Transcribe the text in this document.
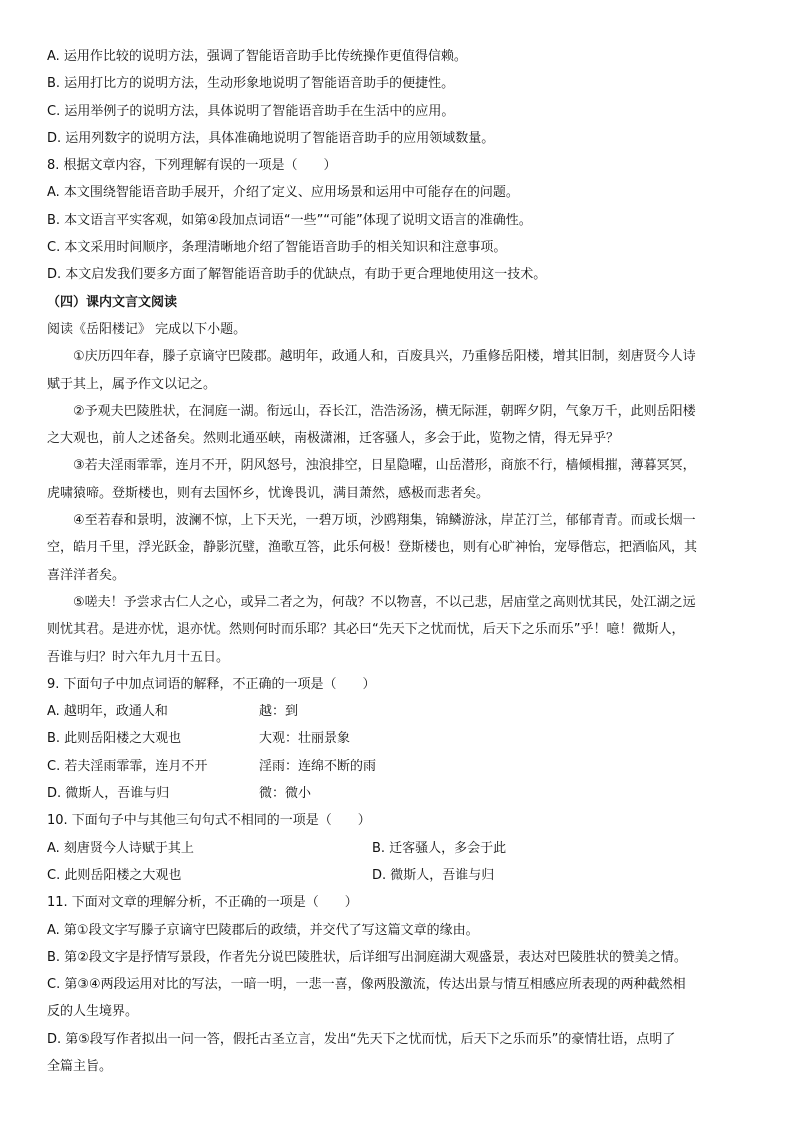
A. 运用作比较的说明方法，强调了智能语音助手比传统操作更值得信赖。
B. 运用打比方的说明方法，生动形象地说明了智能语音助手的便捷性。
C. 运用举例子的说明方法，具体说明了智能语音助手在生活中的应用。
D. 运用列数字的说明方法，具体准确地说明了智能语音助手的应用领域数量。
8. 根据文章内容，下列理解有误的一项是（　　）
A. 本文围绕智能语音助手展开，介绍了定义、应用场景和运用中可能存在的问题。
B. 本文语言平实客观，如第④段加点词语“一些”“可能”体现了说明文语言的准确性。
C. 本文采用时间顺序，条理清晰地介绍了智能语音助手的相关知识和注意事项。
D. 本文启发我们要多方面了解智能语音助手的优缺点，有助于更合理地使用这一技术。
（四）课内文言文阅读
阅读《岳阳楼记》 完成以下小题。
①庆历四年春，滕子京谪守巴陵郡。越明年，政通人和，百废具兴，乃重修岳阳楼，增其旧制，刻唐贤今人诗
赋于其上，属予作文以记之。
②予观夫巴陵胜状，在洞庭一湖。衔远山，吞长江，浩浩汤汤，横无际涯，朝晖夕阴，气象万千，此则岳阳楼
之大观也，前人之述备矣。然则北通巫峡，南极潇湘，迁客骚人，多会于此，览物之情，得无异乎？
③若夫淫雨霏霏，连月不开，阴风怒号，浊浪排空，日星隐曜，山岳潜形，商旅不行，樯倾楫摧，薄暮冥冥，
虎啸猿啼。登斯楼也，则有去国怀乡，忧谗畏讥，满目萧然，感极而悲者矣。
④至若春和景明，波澜不惊，上下天光，一碧万顷，沙鸥翔集，锦鳞游泳，岸芷汀兰，郁郁青青。而或长烟一
空，皓月千里，浮光跃金，静影沉璧，渔歌互答，此乐何极！登斯楼也，则有心旷神怡，宠辱偕忘，把酒临风，其
喜洋洋者矣。
⑤嗟夫！予尝求古仁人之心，或异二者之为，何哉？不以物喜，不以己悲，居庙堂之高则忧其民，处江湖之远
则忧其君。是进亦忧，退亦忧。然则何时而乐耶？其必曰“先天下之忧而忧，后天下之乐而乐”乎！噫！微斯人，
吾谁与归？时六年九月十五日。
9. 下面句子中加点词语的解释，不正确的一项是（　　）
A. 越明年，政通人和	越：到
B. 此则岳阳楼之大观也	大观：壮丽景象
C. 若夫淫雨霏霏，连月不开	淫雨：连绵不断的雨
D. 微斯人，吾谁与归	微：微小
10. 下面句子中与其他三句句式不相同的一项是（　　）
A. 刻唐贤今人诗赋于其上	B. 迁客骚人，多会于此
C. 此则岳阳楼之大观也	D. 微斯人，吾谁与归
11. 下面对文章的理解分析，不正确的一项是（　　）
A. 第①段文字写滕子京谪守巴陵郡后的政绩，并交代了写这篇文章的缘由。
B. 第②段文字是抒情写景段，作者先分说巴陵胜状，后详细写出洞庭湖大观盛景，表达对巴陵胜状的赞美之情。
C. 第③④两段运用对比的写法，一暗一明，一悲一喜，像两股激流，传达出景与情互相感应所表现的两种截然相
反的人生境界。
D. 第⑤段写作者拟出一问一答，假托古圣立言，发出“先天下之忧而忧，后天下之乐而乐”的豪情壮语，点明了
全篇主旨。
